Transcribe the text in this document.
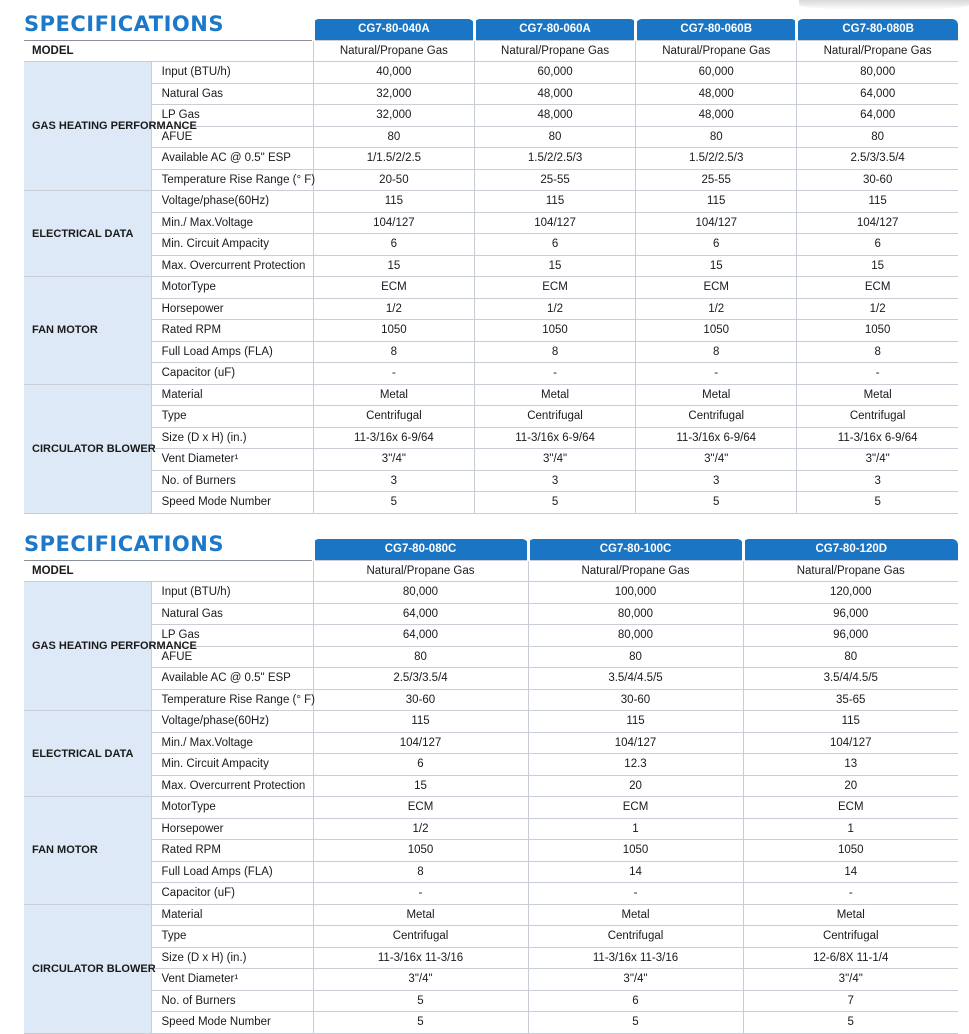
SPECIFICATIONS
		CG7-80-040A	CG7-80-060A	CG7-80-060B	CG7-80-080B
MODEL		Natural/Propane Gas	Natural/Propane Gas	Natural/Propane Gas	Natural/Propane Gas
GAS HEATING PERFORMANCE	Input (BTU/h)	40,000	60,000	60,000	80,000
	Natural Gas	32,000	48,000	48,000	64,000
	LP Gas	32,000	48,000	48,000	64,000
	AFUE	80	80	80	80
	Available AC @ 0.5" ESP	1/1.5/2/2.5	1.5/2/2.5/3	1.5/2/2.5/3	2.5/3/3.5/4
	Temperature Rise Range (° F)	20-50	25-55	25-55	30-60
ELECTRICAL DATA	Voltage/phase(60Hz)	115	115	115	115
	Min./ Max.Voltage	104/127	104/127	104/127	104/127
	Min. Circuit Ampacity	6	6	6	6
	Max. Overcurrent Protection	15	15	15	15
FAN MOTOR	MotorType	ECM	ECM	ECM	ECM
	Horsepower	1/2	1/2	1/2	1/2
	Rated RPM	1050	1050	1050	1050
	Full Load Amps (FLA)	8	8	8	8
	Capacitor (uF)	-	-	-	-
CIRCULATOR BLOWER	Material	Metal	Metal	Metal	Metal
	Type	Centrifugal	Centrifugal	Centrifugal	Centrifugal
	Size (D x H) (in.)	11-3/16x 6-9/64	11-3/16x 6-9/64	11-3/16x 6-9/64	11-3/16x 6-9/64
	Vent Diameter¹	3"/4"	3"/4"	3"/4"	3"/4"
	No. of Burners	3	3	3	3
	Speed Mode Number	5	5	5	5
SPECIFICATIONS
		CG7-80-080C	CG7-80-100C	CG7-80-120D
MODEL		Natural/Propane Gas	Natural/Propane Gas	Natural/Propane Gas
GAS HEATING PERFORMANCE	Input (BTU/h)	80,000	100,000	120,000
	Natural Gas	64,000	80,000	96,000
	LP Gas	64,000	80,000	96,000
	AFUE	80	80	80
	Available AC @ 0.5" ESP	2.5/3/3.5/4	3.5/4/4.5/5	3.5/4/4.5/5
	Temperature Rise Range (° F)	30-60	30-60	35-65
ELECTRICAL DATA	Voltage/phase(60Hz)	115	115	115
	Min./ Max.Voltage	104/127	104/127	104/127
	Min. Circuit Ampacity	6	12.3	13
	Max. Overcurrent Protection	15	20	20
FAN MOTOR	MotorType	ECM	ECM	ECM
	Horsepower	1/2	1	1
	Rated RPM	1050	1050	1050
	Full Load Amps (FLA)	8	14	14
	Capacitor (uF)	-	-	-
CIRCULATOR BLOWER	Material	Metal	Metal	Metal
	Type	Centrifugal	Centrifugal	Centrifugal
	Size (D x H) (in.)	11-3/16x 11-3/16	11-3/16x 11-3/16	12-6/8X 11-1/4
	Vent Diameter¹	3"/4"	3"/4"	3"/4"
	No. of Burners	5	6	7
	Speed Mode Number	5	5	5
